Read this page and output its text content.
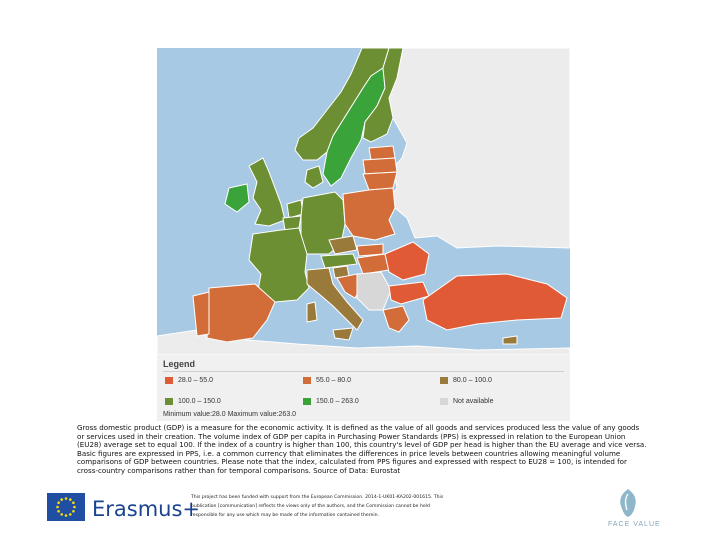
Legend
28.0 – 55.0	55.0 – 80.0	80.0 – 100.0
100.0 – 150.0	150.0 – 263.0	Not available
Minimum value:28.0 Maximum value:263.0
Gross domestic product (GDP) is a measure for the economic activity. It is defined as the value of all goods and services produced less the value of any goods or services used in their creation. The volume index of GDP per capita in Purchasing Power Standards (PPS) is expressed in relation to the European Union (EU28) average set to equal 100. If the index of a country is higher than 100, this country's level of GDP per head is higher than the EU average and vice versa. Basic figures are expressed in PPS, i.e. a common currency that eliminates the differences in price levels between countries allowing meaningful volume comparisons of GDP between countries. Please note that the index, calculated from PPS figures and expressed with respect to EU28 = 100, is intended for cross-country comparisons rather than for temporal comparisons. Source of Data: Eurostat
Erasmus+
This project has been funded with support from the European Commission. 2014-1-UK01-KA202-001615. This publication [communication] reflects the views only of the authors, and the Commission cannot be held responsible for any use which may be made of the information contained therein.
FACE VALUE
